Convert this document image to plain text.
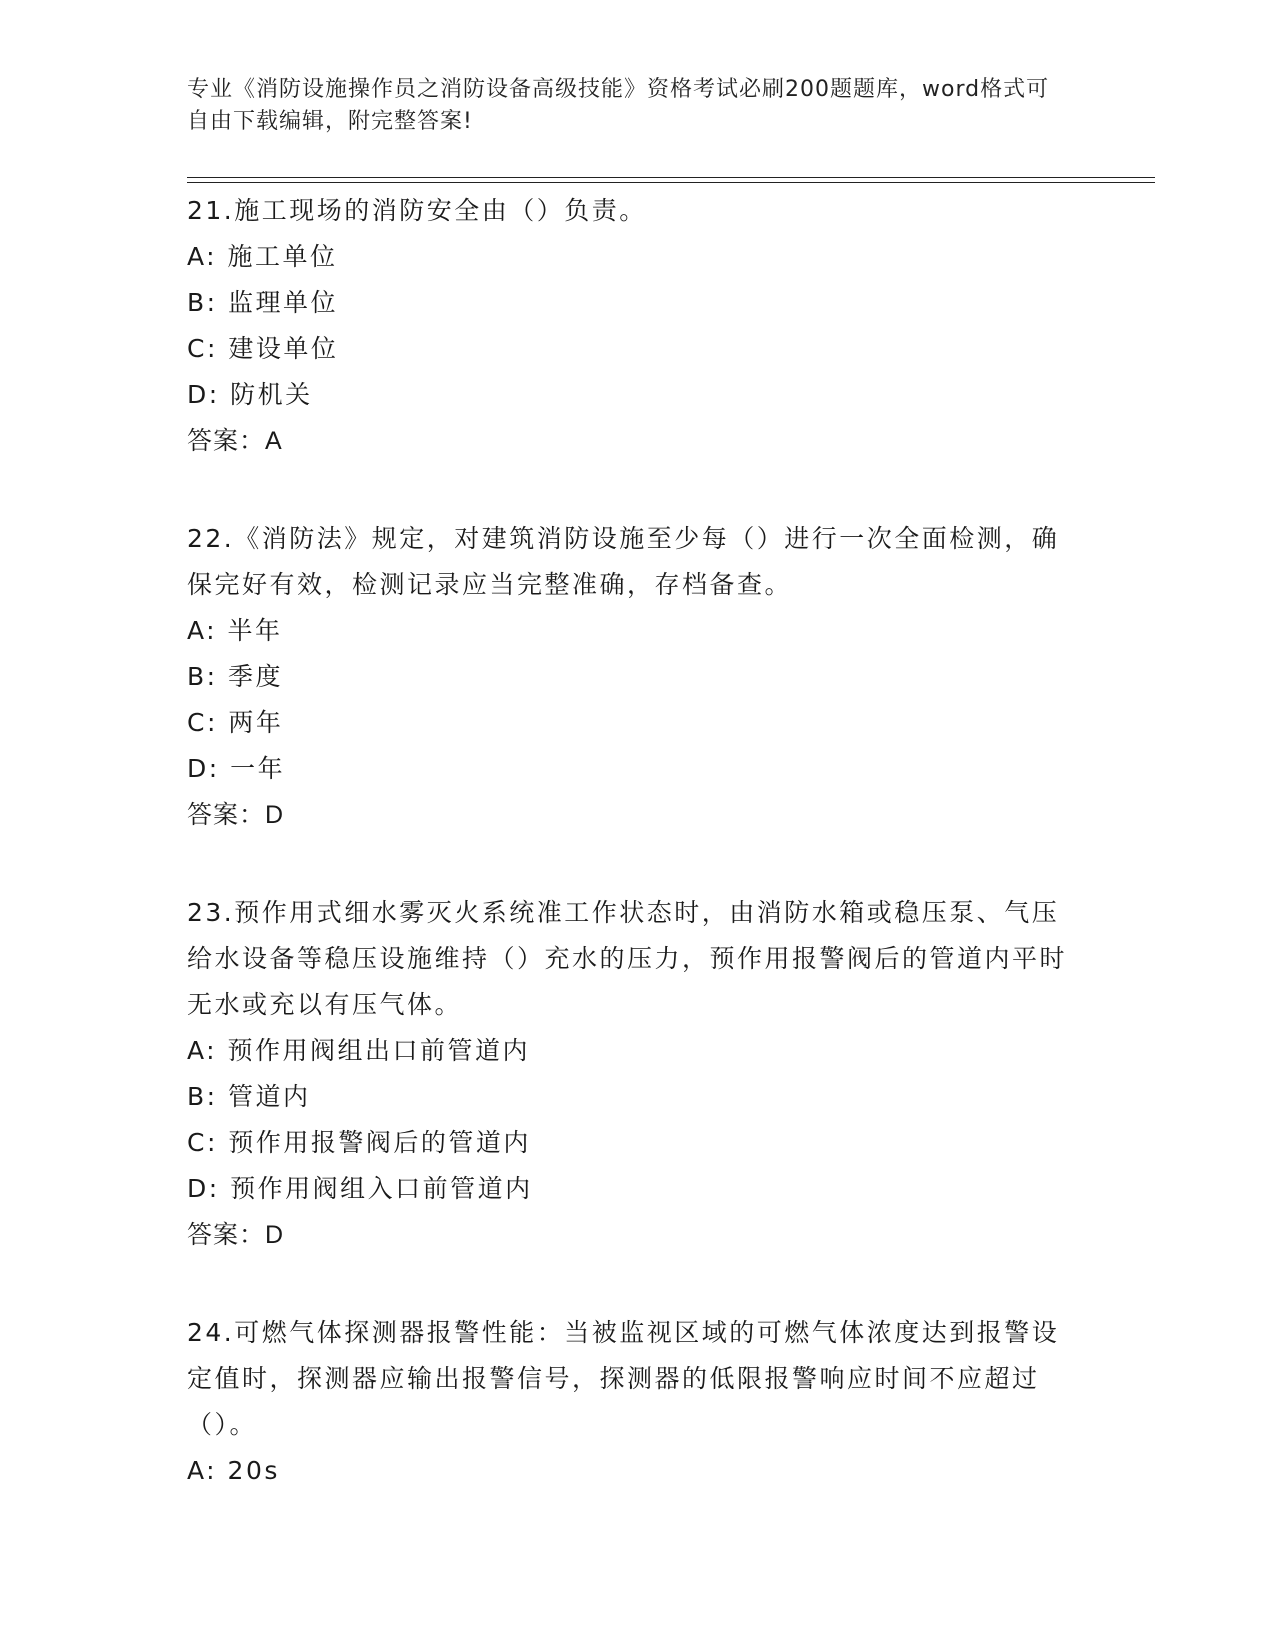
专业《消防设施操作员之消防设备高级技能》资格考试必刷200题题库，word格式可自由下载编辑，附完整答案!
21.施工现场的消防安全由（）负责。
A: 施工单位
B: 监理单位
C: 建设单位
D: 防机关
答案：A
22.《消防法》规定，对建筑消防设施至少每（）进行一次全面检测，确保完好有效，检测记录应当完整准确，存档备查。
A: 半年
B: 季度
C: 两年
D: 一年
答案：D
23.预作用式细水雾灭火系统准工作状态时，由消防水箱或稳压泵、气压给水设备等稳压设施维持（）充水的压力，预作用报警阀后的管道内平时无水或充以有压气体。
A: 预作用阀组出口前管道内
B: 管道内
C: 预作用报警阀后的管道内
D: 预作用阀组入口前管道内
答案：D
24.可燃气体探测器报警性能：当被监视区域的可燃气体浓度达到报警设定值时，探测器应输出报警信号，探测器的低限报警响应时间不应超过（）。
A: 20s
